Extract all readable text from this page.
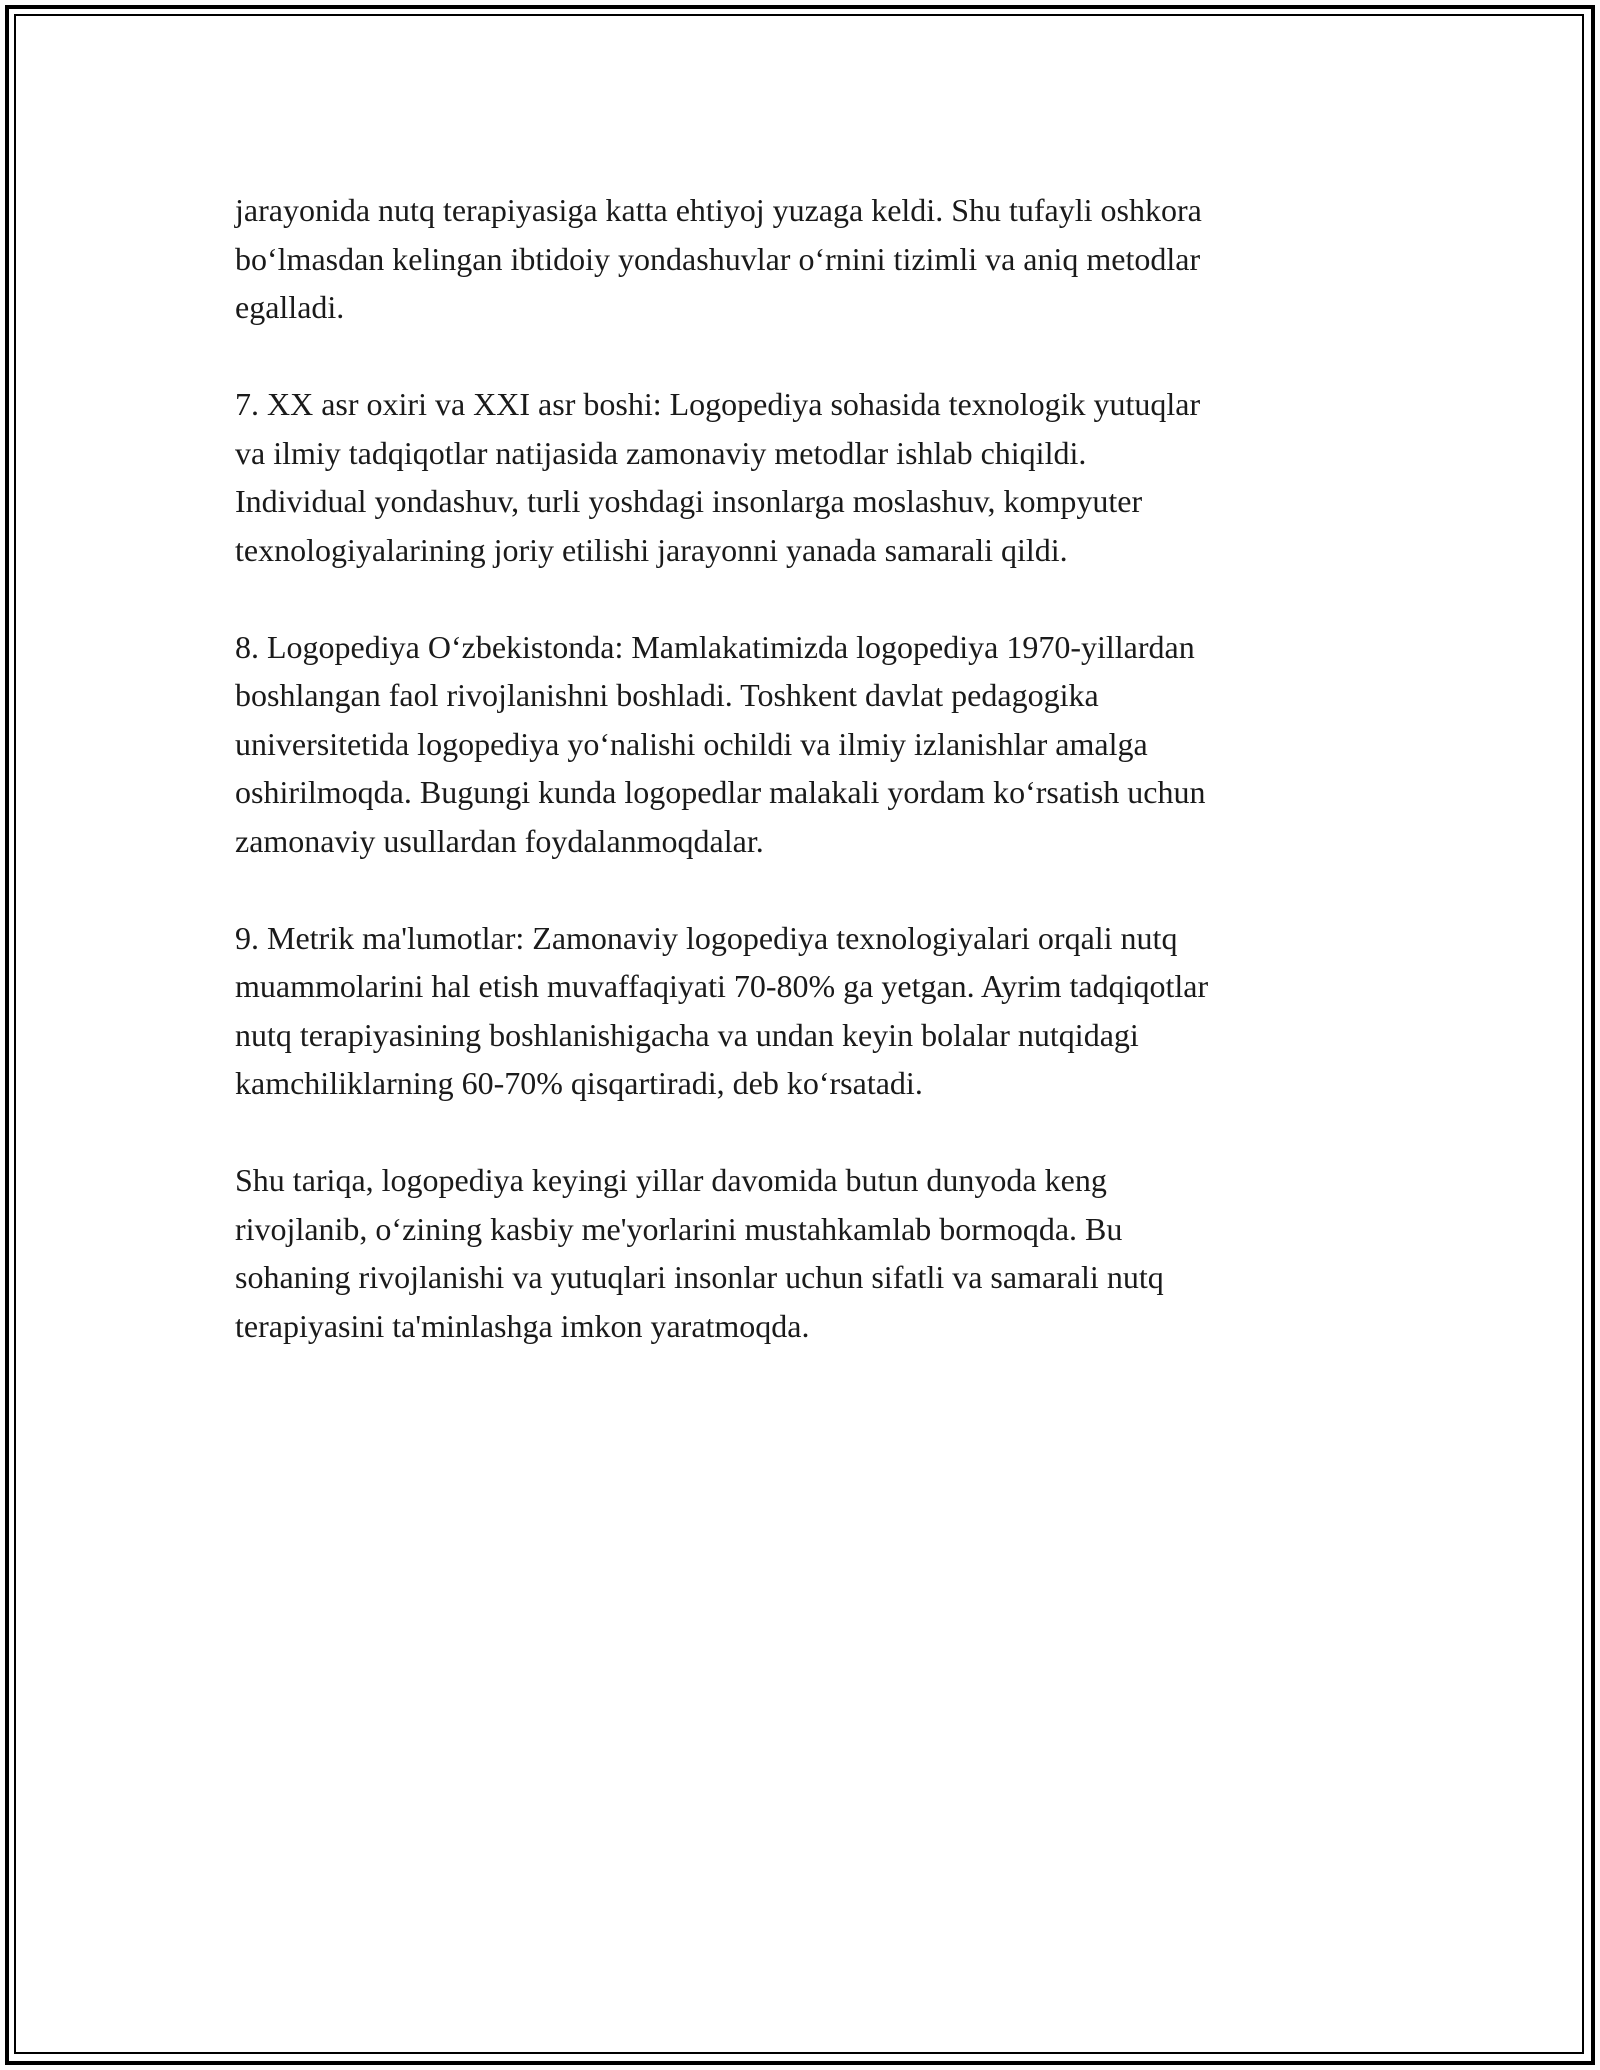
jarayonida nutq terapiyasiga katta ehtiyoj yuzaga keldi. Shu tufayli oshkora
bo‘lmasdan kelingan ibtidoiy yondashuvlar o‘rnini tizimli va aniq metodlar
egalladi.

7. XX asr oxiri va XXI asr boshi: Logopediya sohasida texnologik yutuqlar
va ilmiy tadqiqotlar natijasida zamonaviy metodlar ishlab chiqildi.
Individual yondashuv, turli yoshdagi insonlarga moslashuv, kompyuter
texnologiyalarining joriy etilishi jarayonni yanada samarali qildi.

8. Logopediya O‘zbekistonda: Mamlakatimizda logopediya 1970-yillardan
boshlangan faol rivojlanishni boshladi. Toshkent davlat pedagogika
universitetida logopediya yo‘nalishi ochildi va ilmiy izlanishlar amalga
oshirilmoqda. Bugungi kunda logopedlar malakali yordam ko‘rsatish uchun
zamonaviy usullardan foydalanmoqdalar.

9. Metrik ma'lumotlar: Zamonaviy logopediya texnologiyalari orqali nutq
muammolarini hal etish muvaffaqiyati 70-80% ga yetgan. Ayrim tadqiqotlar
nutq terapiyasining boshlanishigacha va undan keyin bolalar nutqidagi
kamchiliklarning 60-70% qisqartiradi, deb ko‘rsatadi.

Shu tariqa, logopediya keyingi yillar davomida butun dunyoda keng
rivojlanib, o‘zining kasbiy me'yorlarini mustahkamlab bormoqda. Bu
sohaning rivojlanishi va yutuqlari insonlar uchun sifatli va samarali nutq
terapiyasini ta'minlashga imkon yaratmoqda.
